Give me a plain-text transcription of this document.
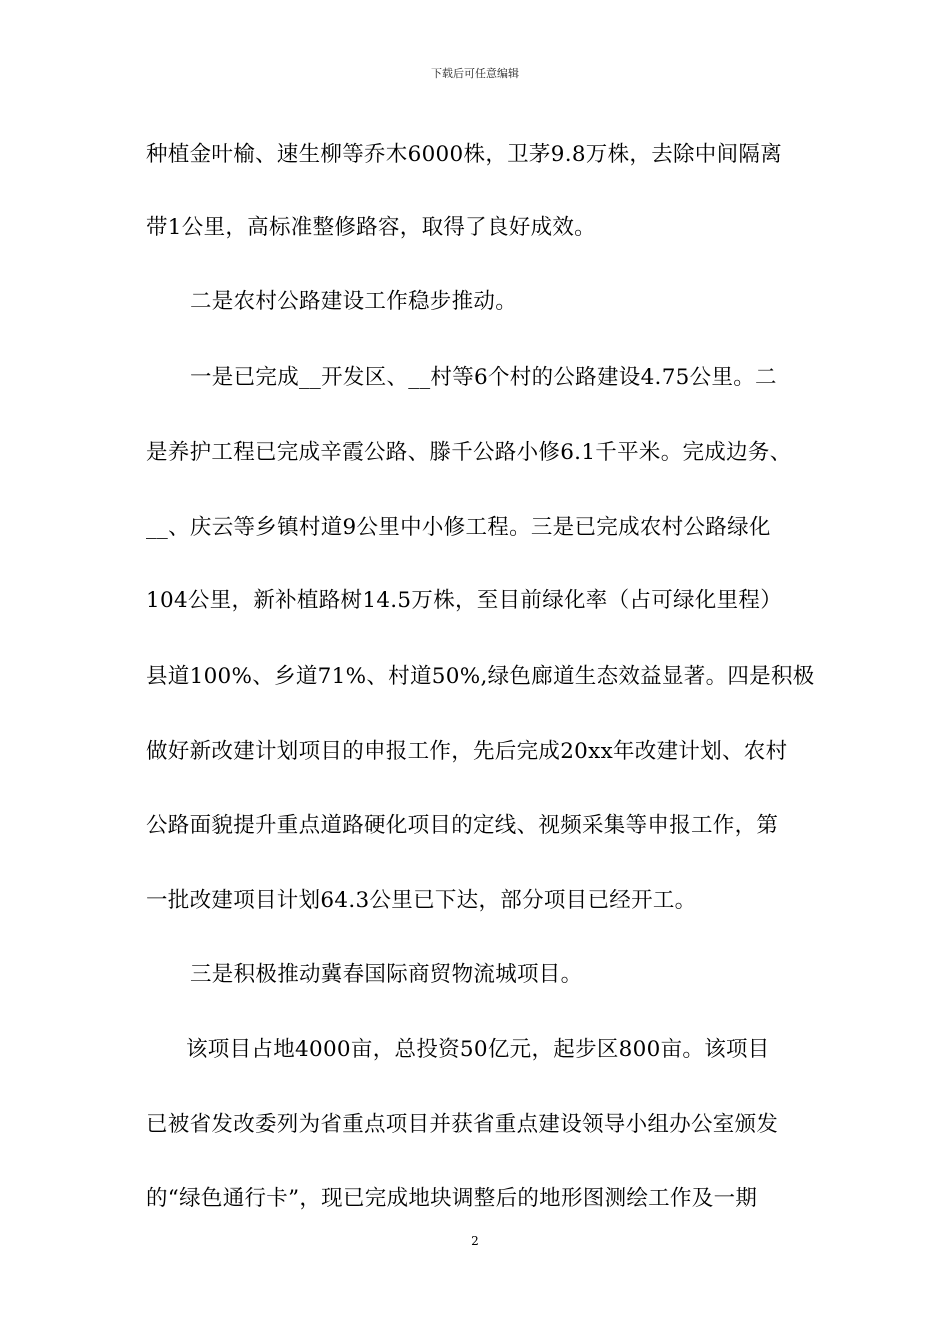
下载后可任意编辑
种植金叶榆、速生柳等乔木6000株，卫茅9.8万株，去除中间隔离
带1公里，高标准整修路容，取得了良好成效。
二是农村公路建设工作稳步推动。
一是已完成__开发区、__村等6个村的公路建设4.75公里。二
是养护工程已完成辛霞公路、滕千公路小修6.1千平米。完成边务、
__、庆云等乡镇村道9公里中小修工程。三是已完成农村公路绿化
104公里，新补植路树14.5万株，至目前绿化率（占可绿化里程）
县道100%、乡道71%、村道50%,绿色廊道生态效益显著。四是积极
做好新改建计划项目的申报工作，先后完成20xx年改建计划、农村
公路面貌提升重点道路硬化项目的定线、视频采集等申报工作，第
一批改建项目计划64.3公里已下达，部分项目已经开工。
三是积极推动冀春国际商贸物流城项目。
该项目占地4000亩，总投资50亿元，起步区800亩。该项目
已被省发改委列为省重点项目并获省重点建设领导小组办公室颁发
的“绿色通行卡”，现已完成地块调整后的地形图测绘工作及一期
2
